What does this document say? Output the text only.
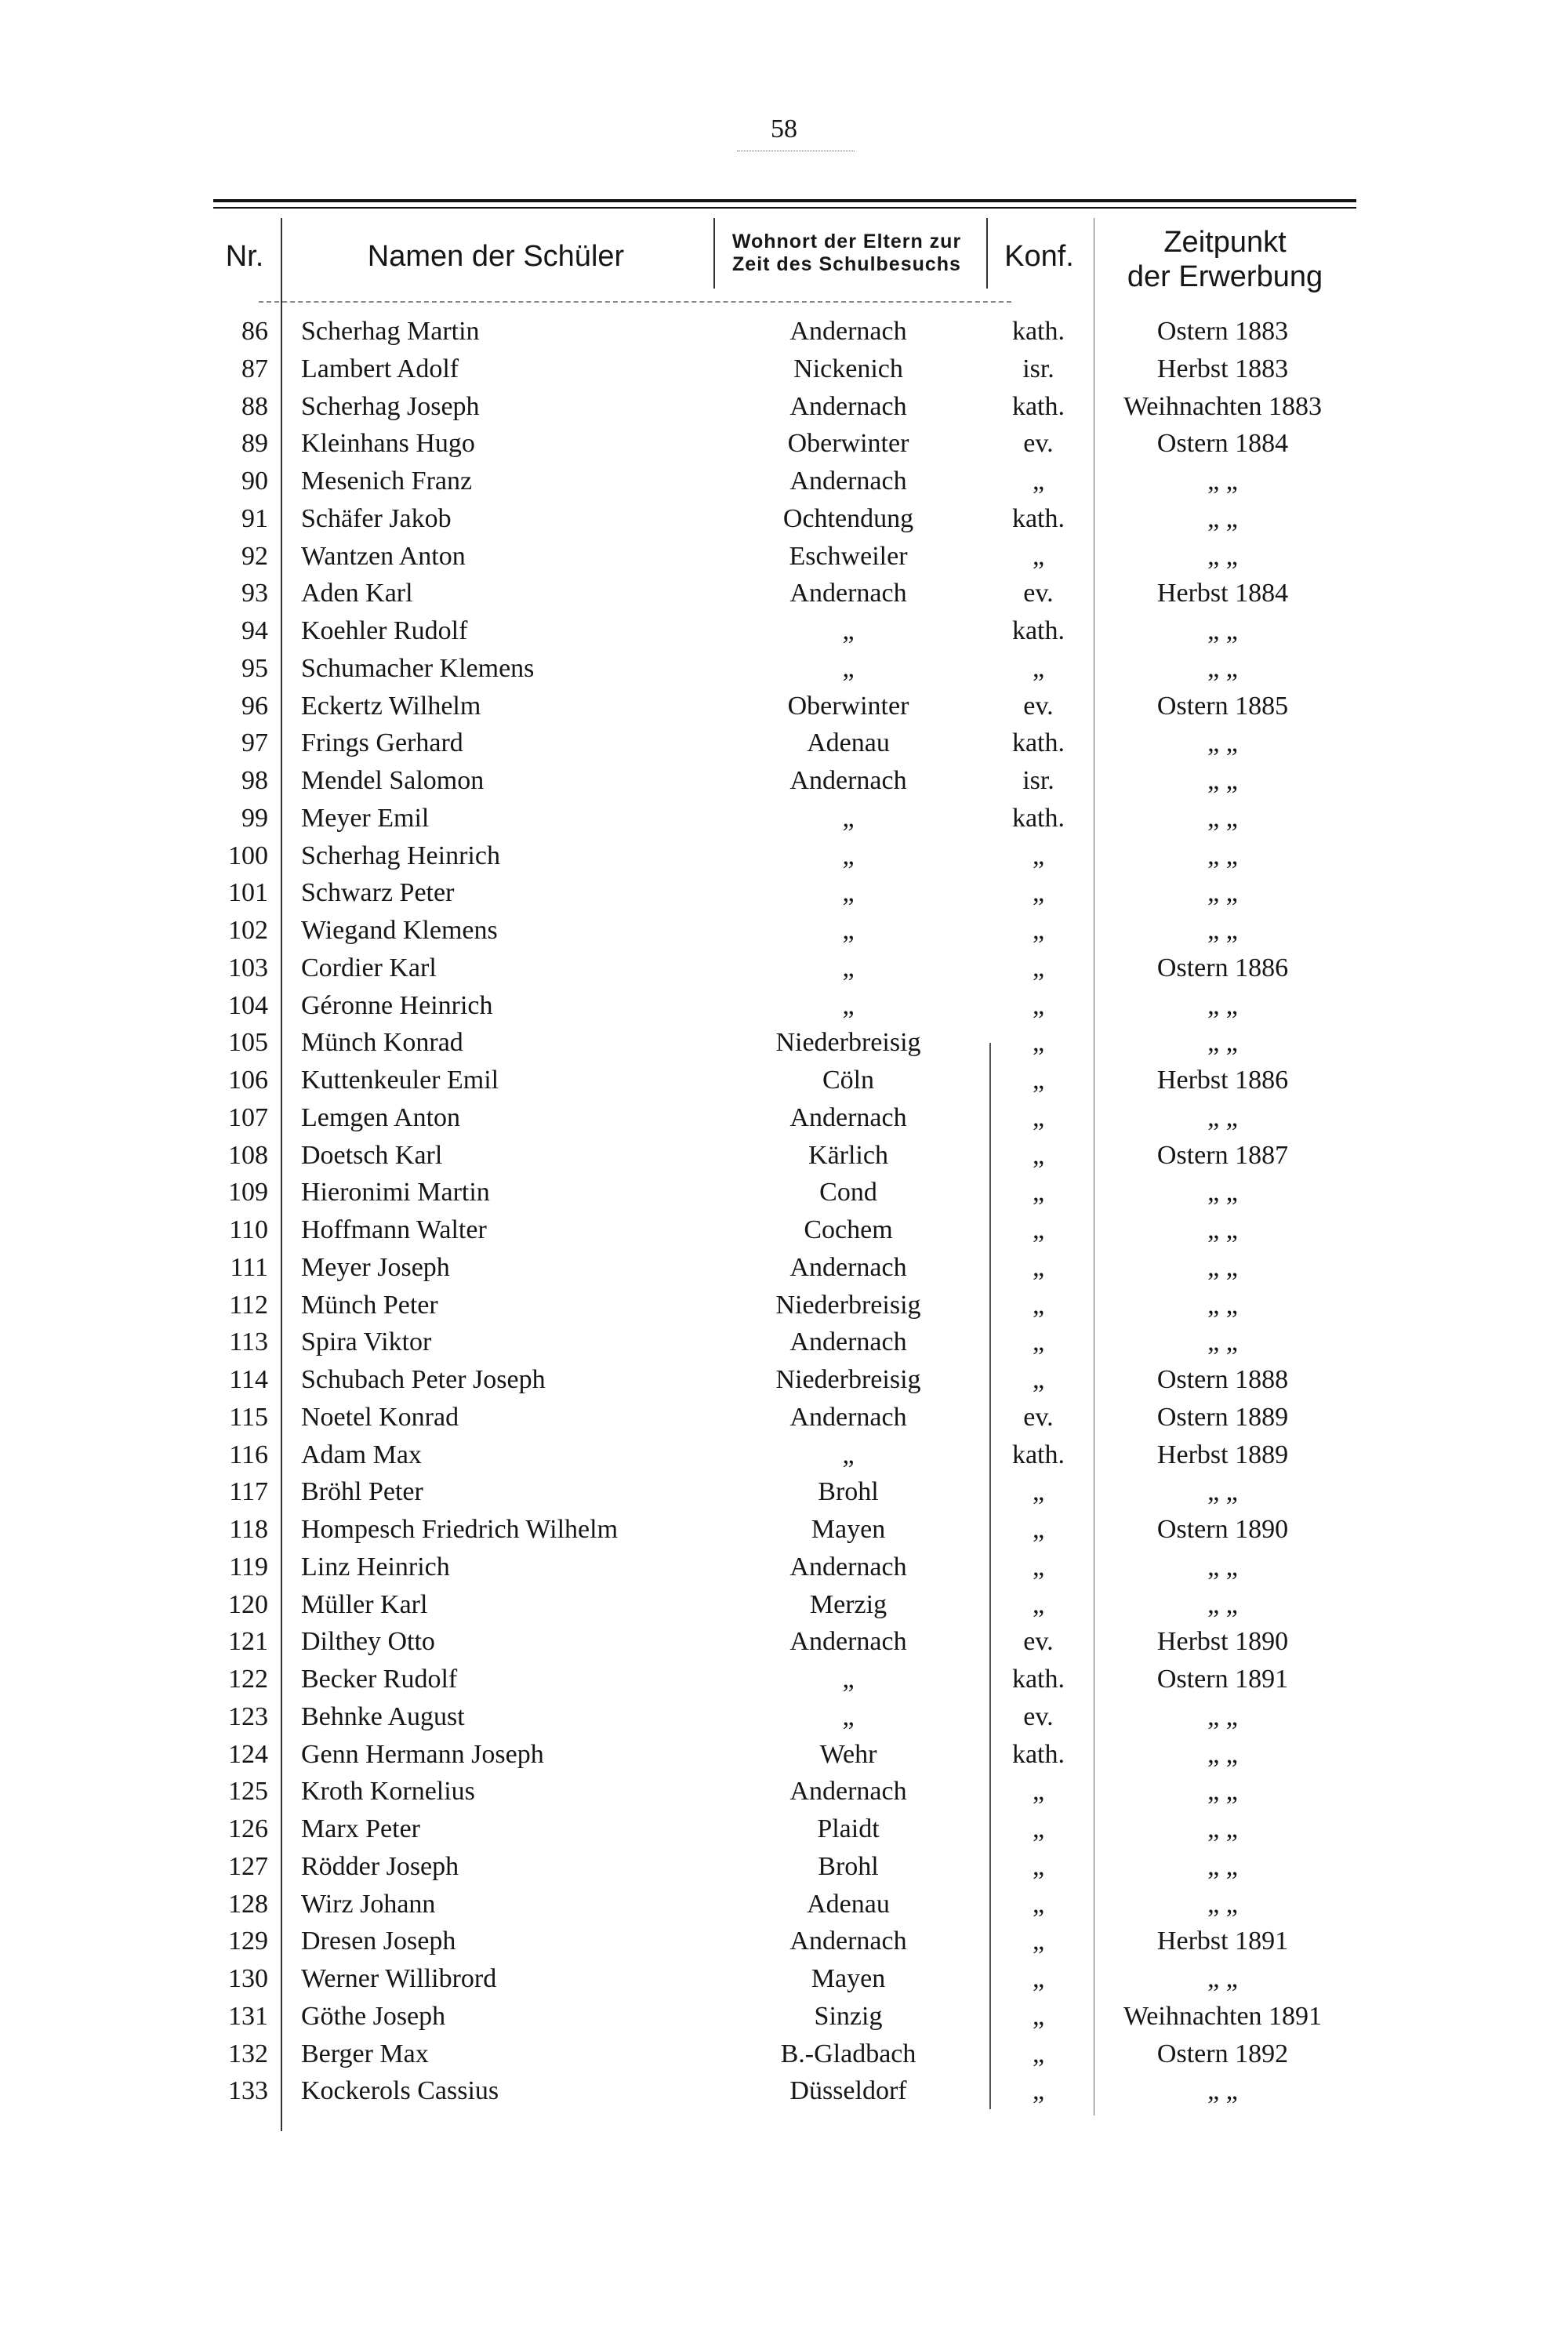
58
Nr.	Namen der Schüler	Wohnort der Eltern zur
Zeit des Schulbesuchs	Konf.	Zeitpunkt
der Erwerbung
86 Scherhag Martin	Andernach	kath.	Ostern 1883
87 Lambert Adolf	Nickenich	isr.	Herbst 1883
88 Scherhag Joseph	Andernach	kath.	Weihnachten 1883
89 Kleinhans Hugo	Oberwinter	ev.	Ostern 1884
90 Mesenich Franz	Andernach	„	„ „
91 Schäfer Jakob	Ochtendung	kath.	„ „
92 Wantzen Anton	Eschweiler	„	„ „
93 Aden Karl	Andernach	ev.	Herbst 1884
94 Koehler Rudolf	„	kath.	„ „
95 Schumacher Klemens	„	„	„ „
96 Eckertz Wilhelm	Oberwinter	ev.	Ostern 1885
97 Frings Gerhard	Adenau	kath.	„ „
98 Mendel Salomon	Andernach	isr.	„ „
99 Meyer Emil	„	kath.	„ „
100 Scherhag Heinrich	„	„	„ „
101 Schwarz Peter	„	„	„ „
102 Wiegand Klemens	„	„	„ „
103 Cordier Karl	„	„	Ostern 1886
104 Géronne Heinrich	„	„	„ „
105 Münch Konrad	Niederbreisig	„	„ „
106 Kuttenkeuler Emil	Cöln	„	Herbst 1886
107 Lemgen Anton	Andernach	„	„ „
108 Doetsch Karl	Kärlich	„	Ostern 1887
109 Hieronimi Martin	Cond	„	„ „
110 Hoffmann Walter	Cochem	„	„ „
111 Meyer Joseph	Andernach	„	„ „
112 Münch Peter	Niederbreisig	„	„ „
113 Spira Viktor	Andernach	„	„ „
114 Schubach Peter Joseph	Niederbreisig	„	Ostern 1888
115 Noetel Konrad	Andernach	ev.	Ostern 1889
116 Adam Max	„	kath.	Herbst 1889
117 Bröhl Peter	Brohl	„	„ „
118 Hompesch Friedrich Wilhelm	Mayen	„	Ostern 1890
119 Linz Heinrich	Andernach	„	„ „
120 Müller Karl	Merzig	„	„ „
121 Dilthey Otto	Andernach	ev.	Herbst 1890
122 Becker Rudolf	„	kath.	Ostern 1891
123 Behnke August	„	ev.	„ „
124 Genn Hermann Joseph	Wehr	kath.	„ „
125 Kroth Kornelius	Andernach	„	„ „
126 Marx Peter	Plaidt	„	„ „
127 Rödder Joseph	Brohl	„	„ „
128 Wirz Johann	Adenau	„	„ „
129 Dresen Joseph	Andernach	„	Herbst 1891
130 Werner Willibrord	Mayen	„	„ „
131 Göthe Joseph	Sinzig	„	Weihnachten 1891
132 Berger Max	B.-Gladbach	„	Ostern 1892
133 Kockerols Cassius	Düsseldorf	„	„ „
